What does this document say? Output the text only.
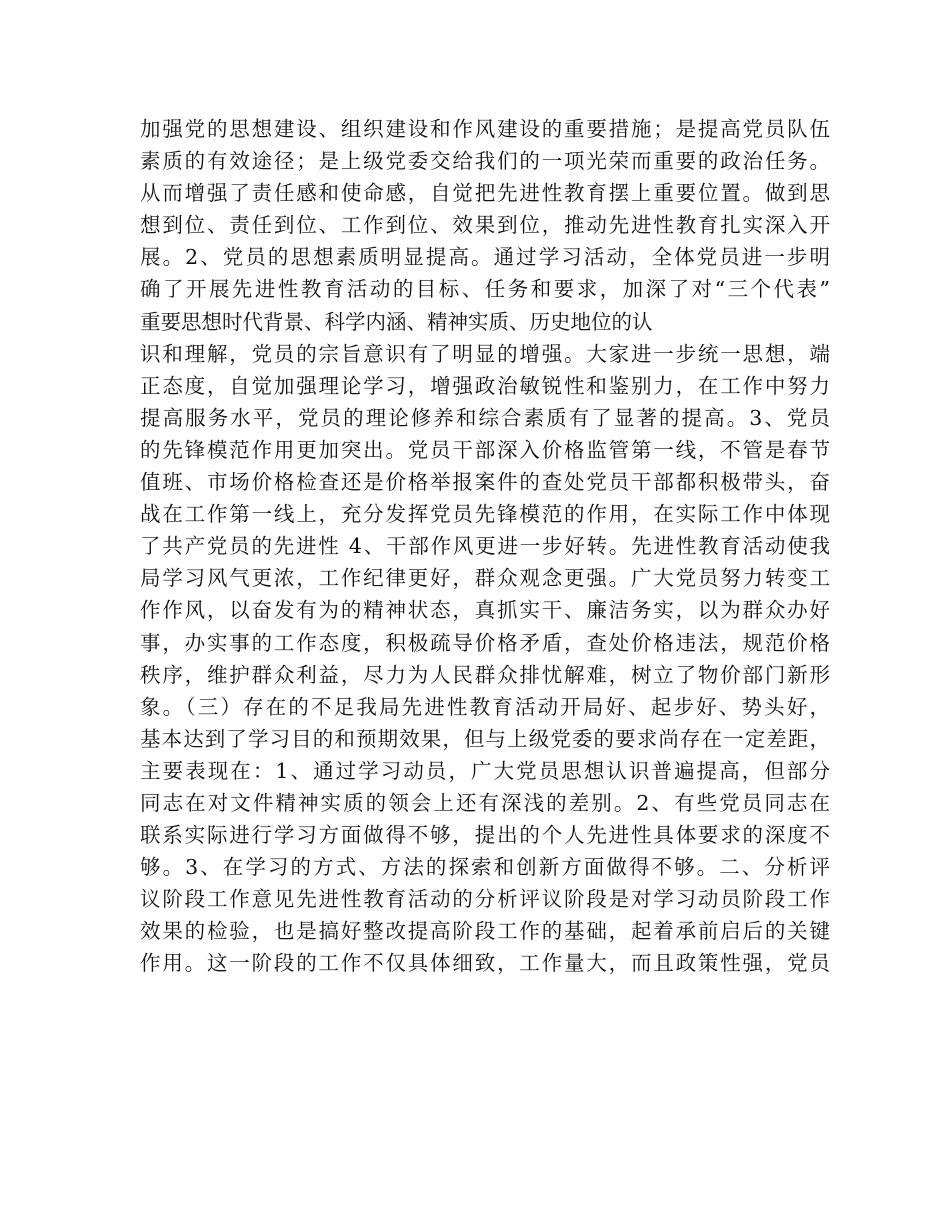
加强党的思想建设、组织建设和作风建设的重要措施；是提高党员队伍
素质的有效途径；是上级党委交给我们的一项光荣而重要的政治任务。
从而增强了责任感和使命感，自觉把先进性教育摆上重要位置。做到思
想到位、责任到位、工作到位、效果到位，推动先进性教育扎实深入开
展。2、党员的思想素质明显提高。通过学习活动，全体党员进一步明
确了开展先进性教育活动的目标、任务和要求，加深了对“三个代表”
重要思想时代背景、科学内涵、精神实质、历史地位的认
识和理解，党员的宗旨意识有了明显的增强。大家进一步统一思想，端
正态度，自觉加强理论学习，增强政治敏锐性和鉴别力，在工作中努力
提高服务水平，党员的理论修养和综合素质有了显著的提高。3、党员
的先锋模范作用更加突出。党员干部深入价格监管第一线，不管是春节
值班、市场价格检查还是价格举报案件的查处党员干部都积极带头，奋
战在工作第一线上，充分发挥党员先锋模范的作用，在实际工作中体现
了共产党员的先进性 4、干部作风更进一步好转。先进性教育活动使我
局学习风气更浓，工作纪律更好，群众观念更强。广大党员努力转变工
作作风，以奋发有为的精神状态，真抓实干、廉洁务实，以为群众办好
事，办实事的工作态度，积极疏导价格矛盾，查处价格违法，规范价格
秩序，维护群众利益，尽力为人民群众排忧解难，树立了物价部门新形
象。（三）存在的不足我局先进性教育活动开局好、起步好、势头好，
基本达到了学习目的和预期效果，但与上级党委的要求尚存在一定差距，
主要表现在：1、通过学习动员，广大党员思想认识普遍提高，但部分
同志在对文件精神实质的领会上还有深浅的差别。2、有些党员同志在
联系实际进行学习方面做得不够，提出的个人先进性具体要求的深度不
够。3、在学习的方式、方法的探索和创新方面做得不够。二、分析评
议阶段工作意见先进性教育活动的分析评议阶段是对学习动员阶段工作
效果的检验，也是搞好整改提高阶段工作的基础，起着承前启后的关键
作用。这一阶段的工作不仅具体细致，工作量大，而且政策性强，党员
